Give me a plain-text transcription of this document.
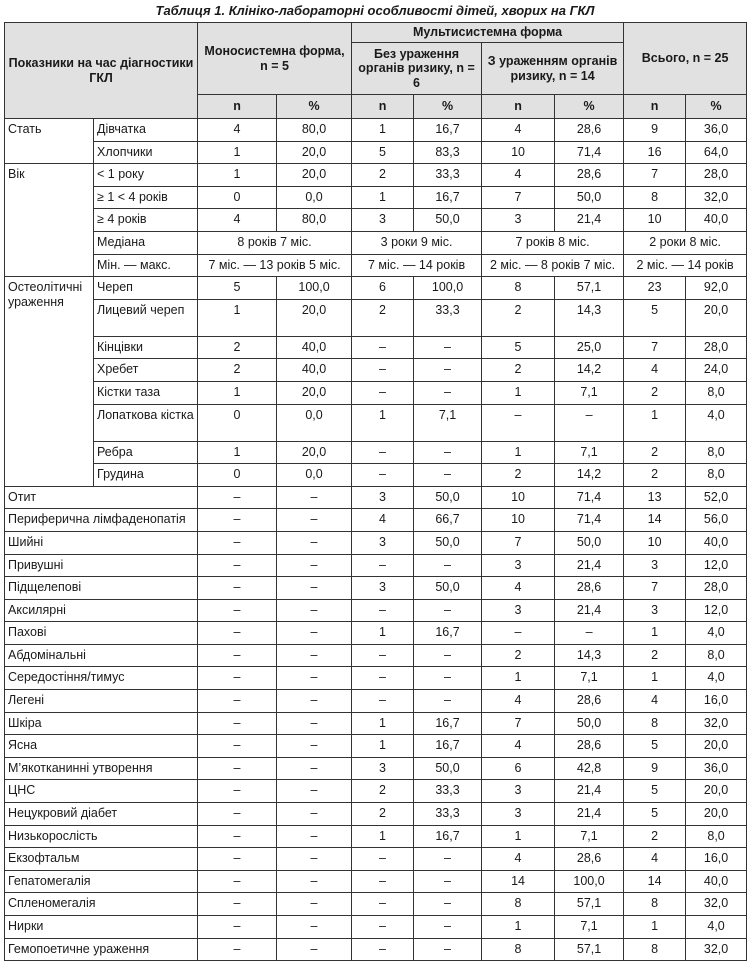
Таблиця 1. Клініко-лабораторні особливості дітей, хворих на ГКЛ
Показники на час діагностики ГКЛ		Моносистемна форма, n = 5		Мультисистемна форма				Всього, n = 25	
				Без ураження органів ризику, n = 6		З ураженням органів ризику, n = 14			
		n	%	n	%	n	%	n	%
Стать	Дівчатка	4	80,0	1	16,7	4	28,6	9	36,0
	Хлопчики	1	20,0	5	83,3	10	71,4	16	64,0
Вік	< 1 року	1	20,0	2	33,3	4	28,6	7	28,0
	≥ 1 < 4 років	0	0,0	1	16,7	7	50,0	8	32,0
	≥ 4 років	4	80,0	3	50,0	3	21,4	10	40,0
	Медіана	8 років 7 міс.		3 роки 9 міс.		7 років 8 міс.		2 роки 8 міс.	
	Мін. — макс.	7 міс. — 13 років 5 міс.		7 міс. — 14 років		2 міс. — 8 років 7 міс.		2 міс. — 14 років	
Остеолітичні ураження	Череп	5	100,0	6	100,0	8	57,1	23	92,0
	Лицевий череп	1	20,0	2	33,3	2	14,3	5	20,0
	Кінцівки	2	40,0	–	–	5	25,0	7	28,0
	Хребет	2	40,0	–	–	2	14,2	4	24,0
	Кістки таза	1	20,0	–	–	1	7,1	2	8,0
	Лопаткова кістка	0	0,0	1	7,1	–	–	1	4,0
	Ребра	1	20,0	–	–	1	7,1	2	8,0
	Грудина	0	0,0	–	–	2	14,2	2	8,0
Отит		–	–	3	50,0	10	71,4	13	52,0
Периферична лімфаденопатія		–	–	4	66,7	10	71,4	14	56,0
Шийні		–	–	3	50,0	7	50,0	10	40,0
Привушні		–	–	–	–	3	21,4	3	12,0
Підщелепові		–	–	3	50,0	4	28,6	7	28,0
Аксилярні		–	–	–	–	3	21,4	3	12,0
Пахові		–	–	1	16,7	–	–	1	4,0
Абдомінальні		–	–	–	–	2	14,3	2	8,0
Середостіння/тимус		–	–	–	–	1	7,1	1	4,0
Легені		–	–	–	–	4	28,6	4	16,0
Шкіра		–	–	1	16,7	7	50,0	8	32,0
Ясна		–	–	1	16,7	4	28,6	5	20,0
М’якотканинні утворення		–	–	3	50,0	6	42,8	9	36,0
ЦНС		–	–	2	33,3	3	21,4	5	20,0
Нецукровий діабет		–	–	2	33,3	3	21,4	5	20,0
Низькорослість		–	–	1	16,7	1	7,1	2	8,0
Екзофтальм		–	–	–	–	4	28,6	4	16,0
Гепатомегалія		–	–	–	–	14	100,0	14	40,0
Спленомегалія		–	–	–	–	8	57,1	8	32,0
Нирки		–	–	–	–	1	7,1	1	4,0
Гемопоетичне ураження		–	–	–	–	8	57,1	8	32,0
